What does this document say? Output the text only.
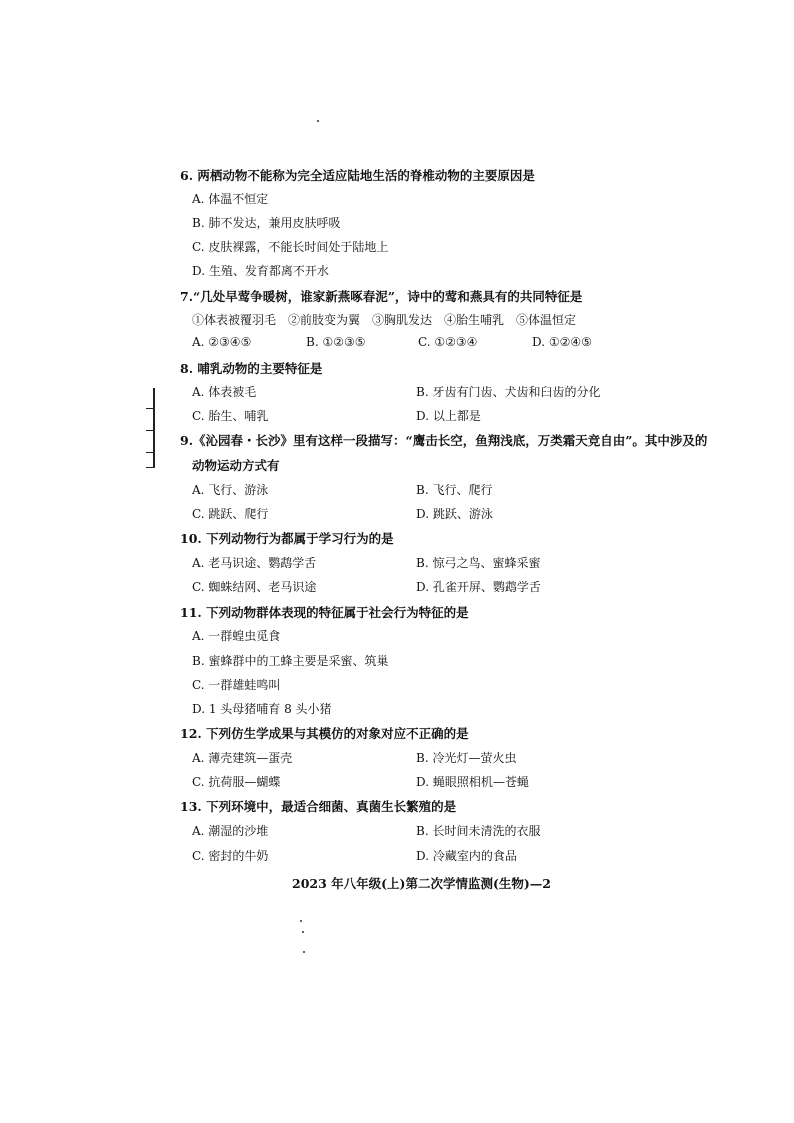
6. 两栖动物不能称为完全适应陆地生活的脊椎动物的主要原因是
A. 体温不恒定
B. 肺不发达，兼用皮肤呼吸
C. 皮肤裸露，不能长时间处于陆地上
D. 生殖、发育都离不开水
7.“几处早莺争暖树，谁家新燕啄春泥”，诗中的莺和燕具有的共同特征是
①体表被覆羽毛　②前肢变为翼　③胸肌发达　④胎生哺乳　⑤体温恒定
A. ②③④⑤	B. ①②③⑤	C. ①②③④	D. ①②④⑤
8. 哺乳动物的主要特征是
A. 体表被毛	B. 牙齿有门齿、犬齿和臼齿的分化
C. 胎生、哺乳	D. 以上都是
9.《沁园春・长沙》里有这样一段描写：“鹰击长空，鱼翔浅底，万类霜天竞自由”。其中涉及的
动物运动方式有
A. 飞行、游泳	B. 飞行、爬行
C. 跳跃、爬行	D. 跳跃、游泳
10. 下列动物行为都属于学习行为的是
A. 老马识途、鹦鹉学舌	B. 惊弓之鸟、蜜蜂采蜜
C. 蜘蛛结网、老马识途	D. 孔雀开屏、鹦鹉学舌
11. 下列动物群体表现的特征属于社会行为特征的是
A. 一群蝗虫觅食
B. 蜜蜂群中的工蜂主要是采蜜、筑巢
C. 一群雄蛙鸣叫
D. 1 头母猪哺育 8 头小猪
12. 下列仿生学成果与其模仿的对象对应不正确的是
A. 薄壳建筑—蛋壳	B. 冷光灯—萤火虫
C. 抗荷服—蝴蝶	D. 蝇眼照相机—苍蝇
13. 下列环境中，最适合细菌、真菌生长繁殖的是
A. 潮湿的沙堆	B. 长时间未清洗的衣服
C. 密封的牛奶	D. 冷藏室内的食品
2023 年八年级(上)第二次学情监测(生物)—2
